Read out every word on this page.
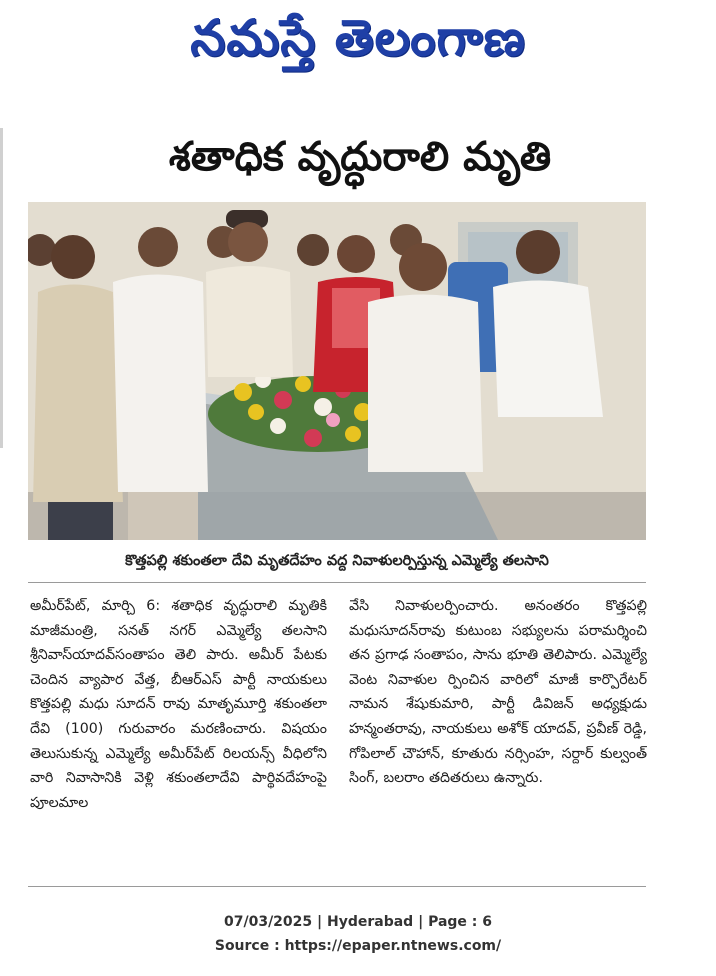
నమస్తే తెలంగాణ
శతాధిక వృద్ధురాలి మృతి
కొత్తపల్లి శకుంతలా దేవి మృతదేహం వద్ద నివాళులర్పిస్తున్న ఎమ్మెల్యే తలసాని

అమీర్‌పేట్, మార్చి 6: శతాధిక వృద్ధురాలి మృతికి మాజీమంత్రి, సనత్ నగర్ ఎమ్మెల్యే తలసాని శ్రీనివాస్‌యాదవ్‌సంతాపం తెలి పారు. అమీర్ పేటకు చెందిన వ్యాపార వేత్త, బీఆర్‌ఎస్ పార్టీ నాయకులు కొత్తపల్లి మధు సూదన్ రావు మాతృమూర్తి శకుంతలా దేవి (100) గురువారం మరణించారు. విషయం తెలుసుకున్న ఎమ్మెల్యే అమీర్‌పేట్ రిలయన్స్ వీధిలోని వారి నివాసానికి వెళ్లి శకుంతలాదేవి పార్థివదేహంపై పూలమాల

వేసి నివాళులర్పించారు. అనంతరం కొత్తపల్లి మధుసూదన్‌రావు కుటుంబ సభ్యులను పరామర్శించి తన ప్రగాఢ సంతాపం, సాను భూతి తెలిపారు. ఎమ్మెల్యే వెంట నివాళుల ర్పించిన వారిలో మాజీ కార్పొరేటర్ నామన శేషుకుమారి, పార్టీ డివిజన్ అధ్యక్షుడు హన్మంతరావు, నాయకులు అశోక్ యాదవ్, ప్రవీణ్ రెడ్డి, గోపిలాల్ చౌహాన్, కూతురు నర్సింహ, సర్దార్ కుల్వంత్ సింగ్, బలరాం తదితరులు ఉన్నారు.

07/03/2025 | Hyderabad | Page : 6
Source : https://epaper.ntnews.com/
